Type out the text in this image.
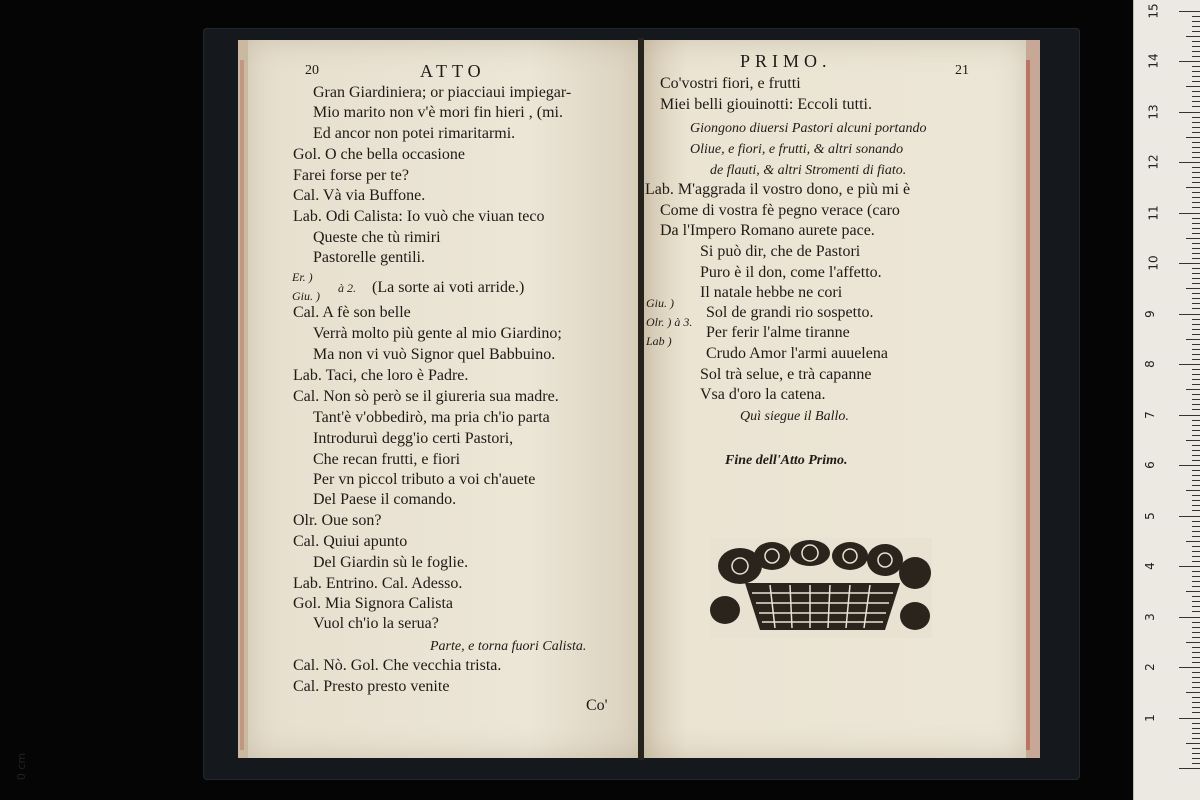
20	ATTO
Gran Giardiniera; or piacciaui impiegar-
Mio marito non v'è mori fin hieri , (mi.
Ed ancor non potei rimaritarmi.
Gol. O che bella occasione
Farei forse per te?
Cal. Và via Buffone.
Lab. Odi Calista: Io vuò che viuan teco
Queste che tù rimiri
Pastorelle gentili.
Er. )
Giu. )
à 2. (La sorte ai voti arride.)
Cal. A fè son belle
Verrà molto più gente al mio Giardino;
Ma non vi vuò Signor quel Babbuino.
Lab. Taci, che loro è Padre.
Cal. Non sò però se il giureria sua madre.
Tant'è v'obbedirò, ma pria ch'io parta
Introduruì degg'io certi Pastori,
Che recan frutti, e fiori
Per vn piccol tributo a voi ch'auete
Del Paese il comando.
Olr. Oue son?
Cal. Quiui apunto
Del Giardin sù le foglie.
Lab. Entrino. Cal. Adesso.
Gol. Mia Signora Calista
Vuol ch'io la serua?
Parte, e torna fuori Calista.
Cal. Nò. Gol. Che vecchia trista.
Cal. Presto presto venite
Co'
PRIMO.	21
Co'vostri fiori, e frutti
Miei belli giouinotti: Eccoli tutti.
Giongono diuersi Pastori alcuni portando
Oliue, e fiori, e frutti, & altri sonando
de flauti, & altri Stromenti di fiato.
Lab. M'aggrada il vostro dono, e più mi è
Come di vostra fè pegno verace (caro
Da l'Impero Romano aurete pace.
Si può dir, che de Pastori
Puro è il don, come l'affetto.
Il natale hebbe ne cori
Sol de grandi rio sospetto.
Per ferir l'alme tiranne
Crudo Amor l'armi auuelena
Sol trà selue, e trà capanne
Vsa d'oro la catena.
Quì siegue il Ballo.
Fine dell'Atto Primo.
Giu. )
Olr. ) à 3.
Lab )
1
2
3
4
5
6
7
8
9
10
11
12
13
14
15
0 cm
